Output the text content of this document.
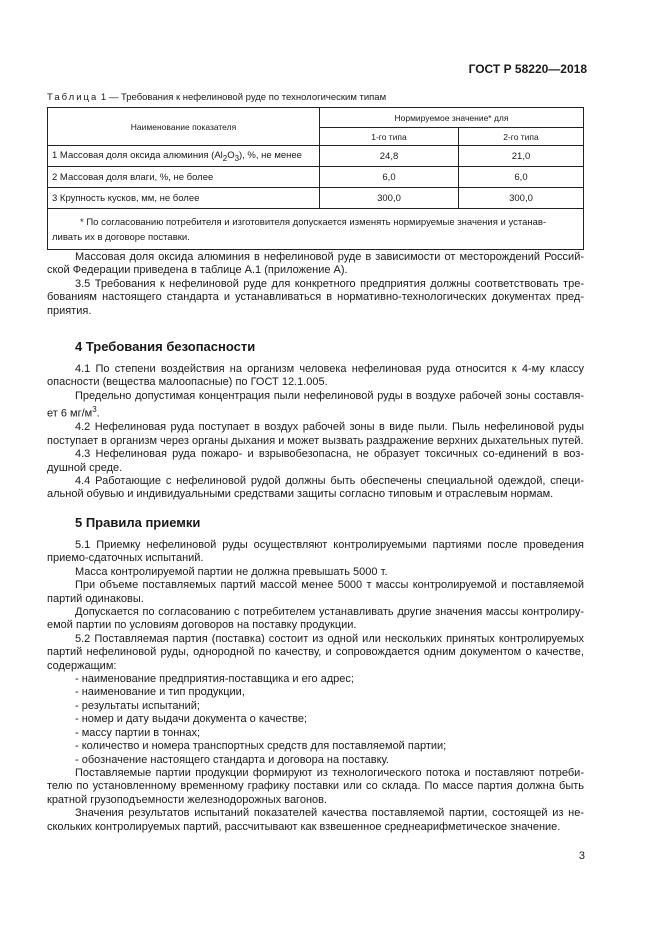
ГОСТ Р 58220—2018
Таблица 1 — Требования к нефелиновой руде по технологическим типам
Наименование показателя	Нормируемое значение* для	
	1-го типа	2-го типа
1 Массовая доля оксида алюминия $(Al_2O_3)$, %, не менее	24,8	21,0
2 Массовая доля влаги, %, не более	6,0	6,0
3 Крупность кусков, мм, не более	300,0	300,0

* По согласованию потребителя и изготовителя допускается изменять нормируемые значения и устанав-
ливать их в договоре поставки.		

Массовая доля оксида алюминия в нефелиновой руде в зависимости от месторождений Россий-ской Федерации приведена в таблице А.1 (приложение А).

3.5 Требования к нефелиновой руде для конкретного предприятия должны соответствовать тре-бованиям настоящего стандарта и устанавливаться в нормативно-технологических документах пред-приятия.

4 Требования безопасности

4.1 По степени воздействия на организм человека нефелиновая руда относится к 4-му классу опасности (вещества малоопасные) по ГОСТ 12.1.005.

Предельно допустимая концентрация пыли нефелиновой руды в воздухе рабочей зоны составля-ет 6 $мг/м^3$.

4.2 Нефелиновая руда поступает в воздух рабочей зоны в виде пыли. Пыль нефелиновой руды поступает в организм через органы дыхания и может вызвать раздражение верхних дыхательных путей.

4.3 Нефелиновая руда пожаро- и взрывобезопасна, не образует токсичных со-единений в воз-душной среде.

4.4 Работающие с нефелиновой рудой должны быть обеспечены специальной одеждой, специ-альной обувью и индивидуальными средствами защиты согласно типовым и отраслевым нормам.

5 Правила приемки

5.1 Приемку нефелиновой руды осуществляют контролируемыми партиями после проведения приемо-сдаточных испытаний.

Масса контролируемой партии не должна превышать 5000 т.

При объеме поставляемых партий массой менее 5000 т массы контролируемой и поставляемой партий одинаковы.

Допускается по согласованию с потребителем устанавливать другие значения массы контролиру-емой партии по условиям договоров на поставку продукции.

5.2 Поставляемая партия (поставка) состоит из одной или нескольких принятых контролируемых партий нефелиновой руды, однородной по качеству, и сопровождается одним документом о качестве, содержащим:

- наименование предприятия-поставщика и его адрес;

- наименование и тип продукции,

- результаты испытаний;

- номер и дату выдачи документа о качестве;

- массу партии в тоннах;

- количество и номера транспортных средств для поставляемой партии;

- обозначение настоящего стандарта и договора на поставку.

Поставляемые партии продукции формируют из технологического потока и поставляют потреби-телю по установленному временному графику поставки или со склада. По массе партия должна быть кратной грузоподъемности железнодорожных вагонов.

Значения результатов испытаний показателей качества поставляемой партии, состоящей из не-скольких контролируемых партий, рассчитывают как взвешенное среднеарифметическое значение.

3
